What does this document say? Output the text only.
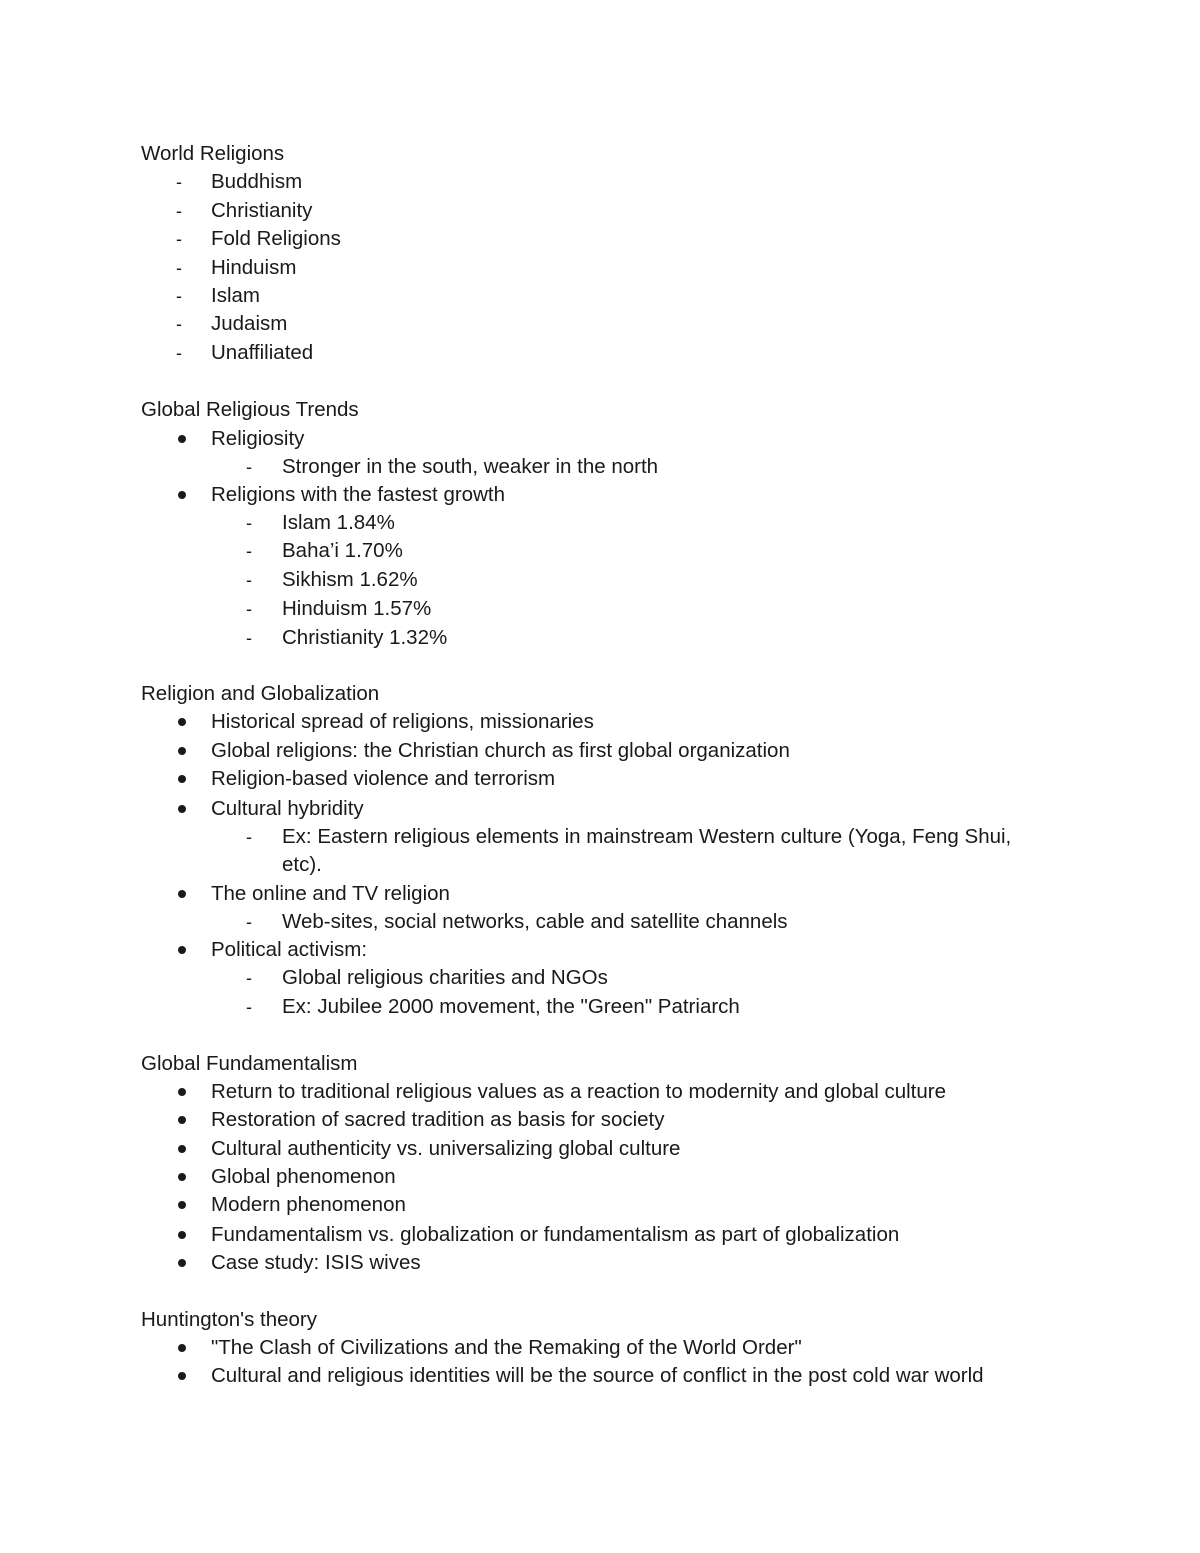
World Religions
-	Buddhism
-	Christianity
-	Fold Religions
-	Hinduism
-	Islam
-	Judaism
-	Unaffiliated
Global Religious Trends
Religiosity
-	Stronger in the south, weaker in the north
Religions with the fastest growth
-	Islam 1.84%
-	Baha’i 1.70%
-	Sikhism 1.62%
-	Hinduism 1.57%
-	Christianity 1.32%
Religion and Globalization
Historical spread of religions, missionaries
Global religions: the Christian church as first global organization
Religion-based violence and terrorism
Cultural hybridity
-	Ex: Eastern religious elements in mainstream Western culture (Yoga, Feng Shui,
etc).
The online and TV religion
-	Web-sites, social networks, cable and satellite channels
Political activism:
-	Global religious charities and NGOs
-	Ex: Jubilee 2000 movement, the "Green" Patriarch
Global Fundamentalism
Return to traditional religious values as a reaction to modernity and global culture
Restoration of sacred tradition as basis for society
Cultural authenticity vs. universalizing global culture
Global phenomenon
Modern phenomenon
Fundamentalism vs. globalization or fundamentalism as part of globalization
Case study: ISIS wives
Huntington's theory
"The Clash of Civilizations and the Remaking of the World Order"
Cultural and religious identities will be the source of conflict in the post cold war world
